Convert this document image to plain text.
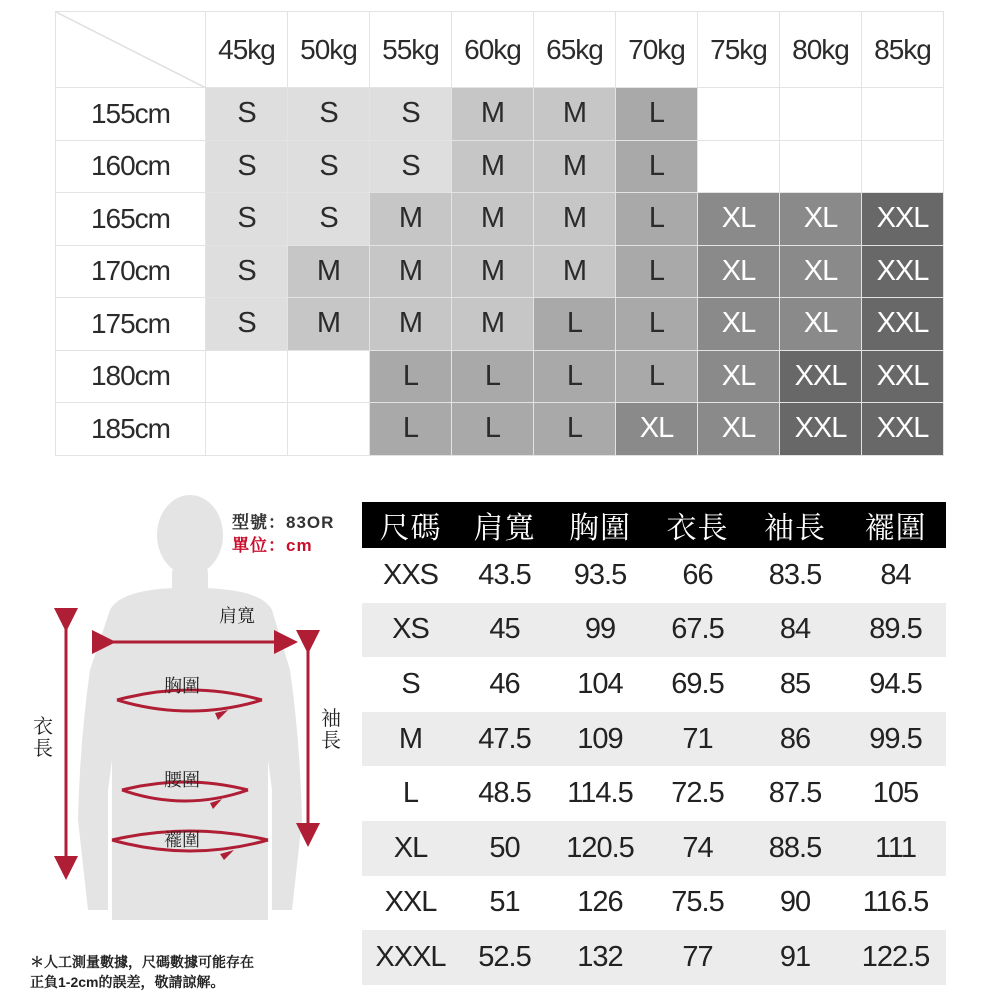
	45kg	50kg	55kg	60kg	65kg	70kg	75kg	80kg	85kg
155cm	S	S	S	M	M	L			
160cm	S	S	S	M	M	L			
165cm	S	S	M	M	M	L	XL	XL	XXL
170cm	S	M	M	M	M	L	XL	XL	XXL
175cm	S	M	M	M	L	L	XL	XL	XXL
180cm			L	L	L	L	XL	XXL	XXL
185cm			L	L	L	XL	XL	XXL	XXL
型號：83OR
單位：cm
肩寬
胸圍
腰圍
襬圍
衣長
袖長
＊人工測量數據，尺碼數據可能存在
正負1-2cm的誤差，敬請諒解。
尺碼	肩寬	胸圍	衣長	袖長	襬圍
XXS	43.5	93.5	66	83.5	84
XS	45	99	67.5	84	89.5
S	46	104	69.5	85	94.5
M	47.5	109	71	86	99.5
L	48.5	114.5	72.5	87.5	105
XL	50	120.5	74	88.5	111
XXL	51	126	75.5	90	116.5
XXXL	52.5	132	77	91	122.5
